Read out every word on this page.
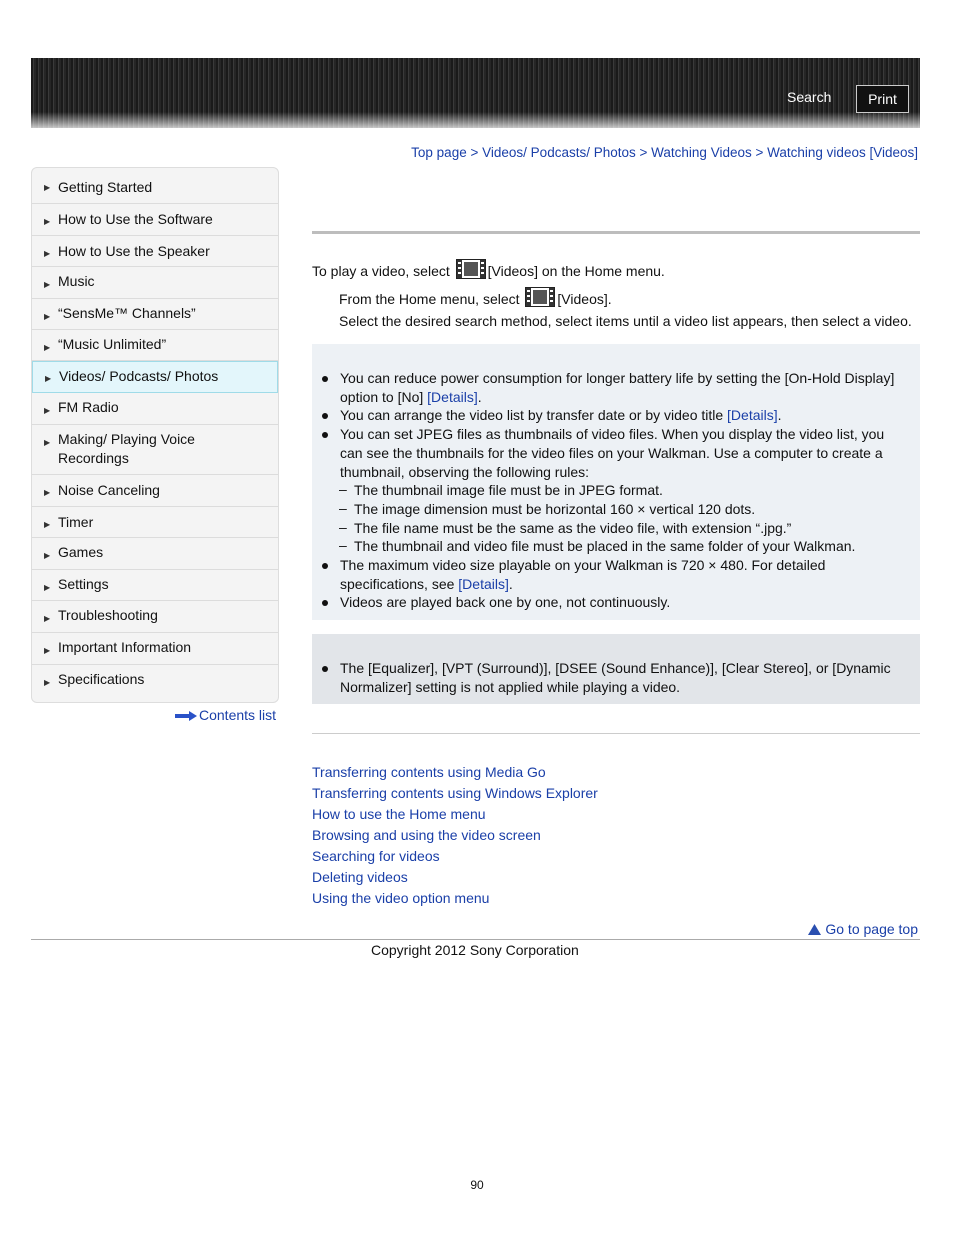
Search	Print
Top page > Videos/ Podcasts/ Photos > Watching Videos > Watching videos [Videos]
▶ Getting Started
▶ How to Use the Software
▶ How to Use the Speaker
▶ Music
▶ “SensMe™ Channels”
▶ “Music Unlimited”
▶ Videos/ Podcasts/ Photos
▶ FM Radio
▶ Making/ Playing Voice
Recordings
▶ Noise Canceling
▶ Timer
▶ Games
▶ Settings
▶ Troubleshooting
▶ Important Information
▶ Specifications
Contents list
To play a video, select [Videos] on the Home menu.
From the Home menu, select [Videos].
Select the desired search method, select items until a video list appears, then select a video.
You can reduce power consumption for longer battery life by setting the [On-Hold Display]
option to [No] [Details].
You can arrange the video list by transfer date or by video title [Details].
You can set JPEG files as thumbnails of video files. When you display the video list, you
can see the thumbnails for the video files on your Walkman. Use a computer to create a
thumbnail, observing the following rules:
– The thumbnail image file must be in JPEG format.
– The image dimension must be horizontal 160 × vertical 120 dots.
– The file name must be the same as the video file, with extension “.jpg.”
– The thumbnail and video file must be placed in the same folder of your Walkman.
The maximum video size playable on your Walkman is 720 × 480. For detailed
specifications, see [Details].
Videos are played back one by one, not continuously.
The [Equalizer], [VPT (Surround)], [DSEE (Sound Enhance)], [Clear Stereo], or [Dynamic
Normalizer] setting is not applied while playing a video.
Transferring contents using Media Go
Transferring contents using Windows Explorer
How to use the Home menu
Browsing and using the video screen
Searching for videos
Deleting videos
Using the video option menu
Go to page top
Copyright 2012 Sony Corporation
90
